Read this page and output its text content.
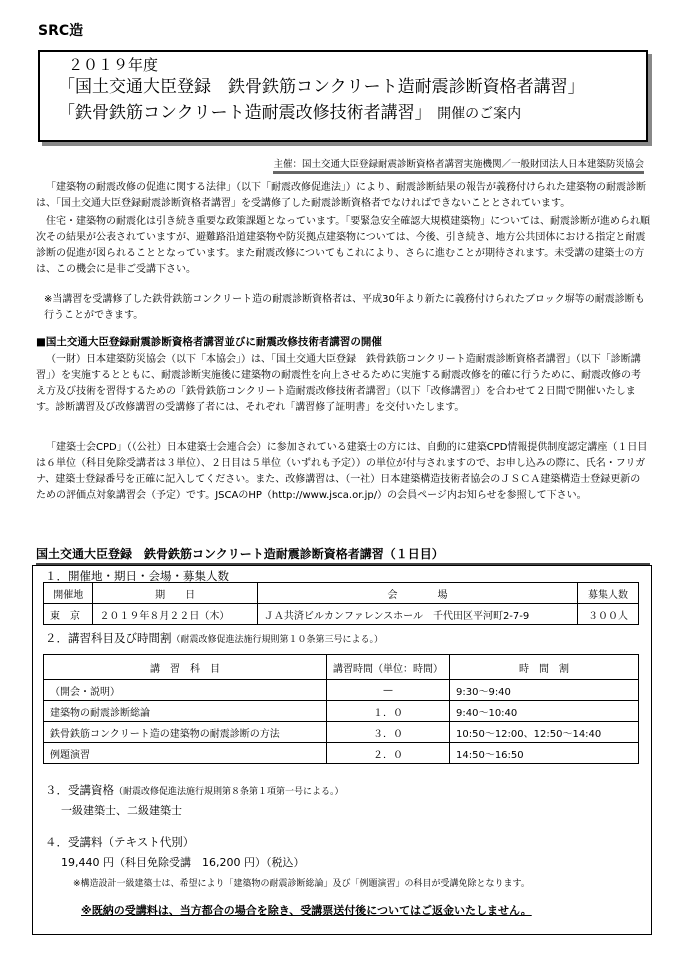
SRC造
２０１９年度
「国土交通大臣登録　鉄骨鉄筋コンクリート造耐震診断資格者講習」
「鉄骨鉄筋コンクリート造耐震改修技術者講習」 開催のご案内
主催：国土交通大臣登録耐震診断資格者講習実施機関／一般財団法人日本建築防災協会

「建築物の耐震改修の促進に関する法律」（以下「耐震改修促進法」）により、耐震診断結果の報告が義務付けられた建築物の耐震診断は、「国土交通大臣登録耐震診断資格者講習」を受講修了した耐震診断資格者でなければできないこととされています。

住宅・建築物の耐震化は引き続き重要な政策課題となっています。「要緊急安全確認大規模建築物」については、耐震診断が進められ順次その結果が公表されていますが、避難路沿道建築物や防災拠点建築物については、今後、引き続き、地方公共団体における指定と耐震診断の促進が図られることとなっています。また耐震改修についてもこれにより、さらに進むことが期待されます。未受講の建築士の方は、この機会に是非ご受講下さい。

※当講習を受講修了した鉄骨鉄筋コンクリート造の耐震診断資格者は、平成30年より新たに義務付けられたブロック塀等の耐震診断も行うことができます。

■国土交通大臣登録耐震診断資格者講習並びに耐震改修技術者講習の開催

（一財）日本建築防災協会（以下「本協会」）は、「国土交通大臣登録　鉄骨鉄筋コンクリート造耐震診断資格者講習」（以下「診断講習」）を実施するとともに、耐震診断実施後に建築物の耐震性を向上させるために実施する耐震改修を的確に行うために、耐震改修の考え方及び技術を習得するための「鉄骨鉄筋コンクリート造耐震改修技術者講習」（以下「改修講習」）を合わせて２日間で開催いたします。診断講習及び改修講習の受講修了者には、それぞれ「講習修了証明書」を交付いたします。

「建築士会CPD」（（公社）日本建築士会連合会）に参加されている建築士の方には、自動的に建築CPD情報提供制度認定講座（１日目は６単位（科目免除受講者は３単位）、２日目は５単位（いずれも予定））の単位が付与されますので、お申し込みの際に、氏名・フリガナ、建築士登録番号を正確に記入してください。また、改修講習は、（一社）日本建築構造技術者協会のＪＳＣＡ建築構造士登録更新のための評価点対象講習会（予定）です。JSCAのHP（http://www.jsca.or.jp/）の会員ページ内お知らせを参照して下さい。

国土交通大臣登録　鉄骨鉄筋コンクリート造耐震診断資格者講習（１日目）
１．開催地・期日・会場・募集人数
開催地	期　　日	会　　　　場	募集人数
東　京	２０１９年８月２２日（木）	ＪＡ共済ビルカンファレンスホール　千代田区平河町2-7-9	３００人
２．講習科目及び時間割（耐震改修促進法施行規則第１０条第三号による。）
講　習　科　目	講習時間（単位：時間）	時　間　割
（開会・説明）	—	9:30～9:40
建築物の耐震診断総論	１．０	9:40～10:40
鉄骨鉄筋コンクリート造の建築物の耐震診断の方法	３．０	10:50～12:00、12:50～14:40
例題演習	２．０	14:50～16:50
３．受講資格（耐震改修促進法施行規則第８条第１項第一号による。）
一級建築士、二級建築士
４．受講料（テキスト代別）
19,440 円（科目免除受講　16,200 円）（税込）
※構造設計一級建築士は、希望により「建築物の耐震診断総論」及び「例題演習」の科目が受講免除となります。
※既納の受講料は、当方都合の場合を除き、受講票送付後についてはご返金いたしません。
